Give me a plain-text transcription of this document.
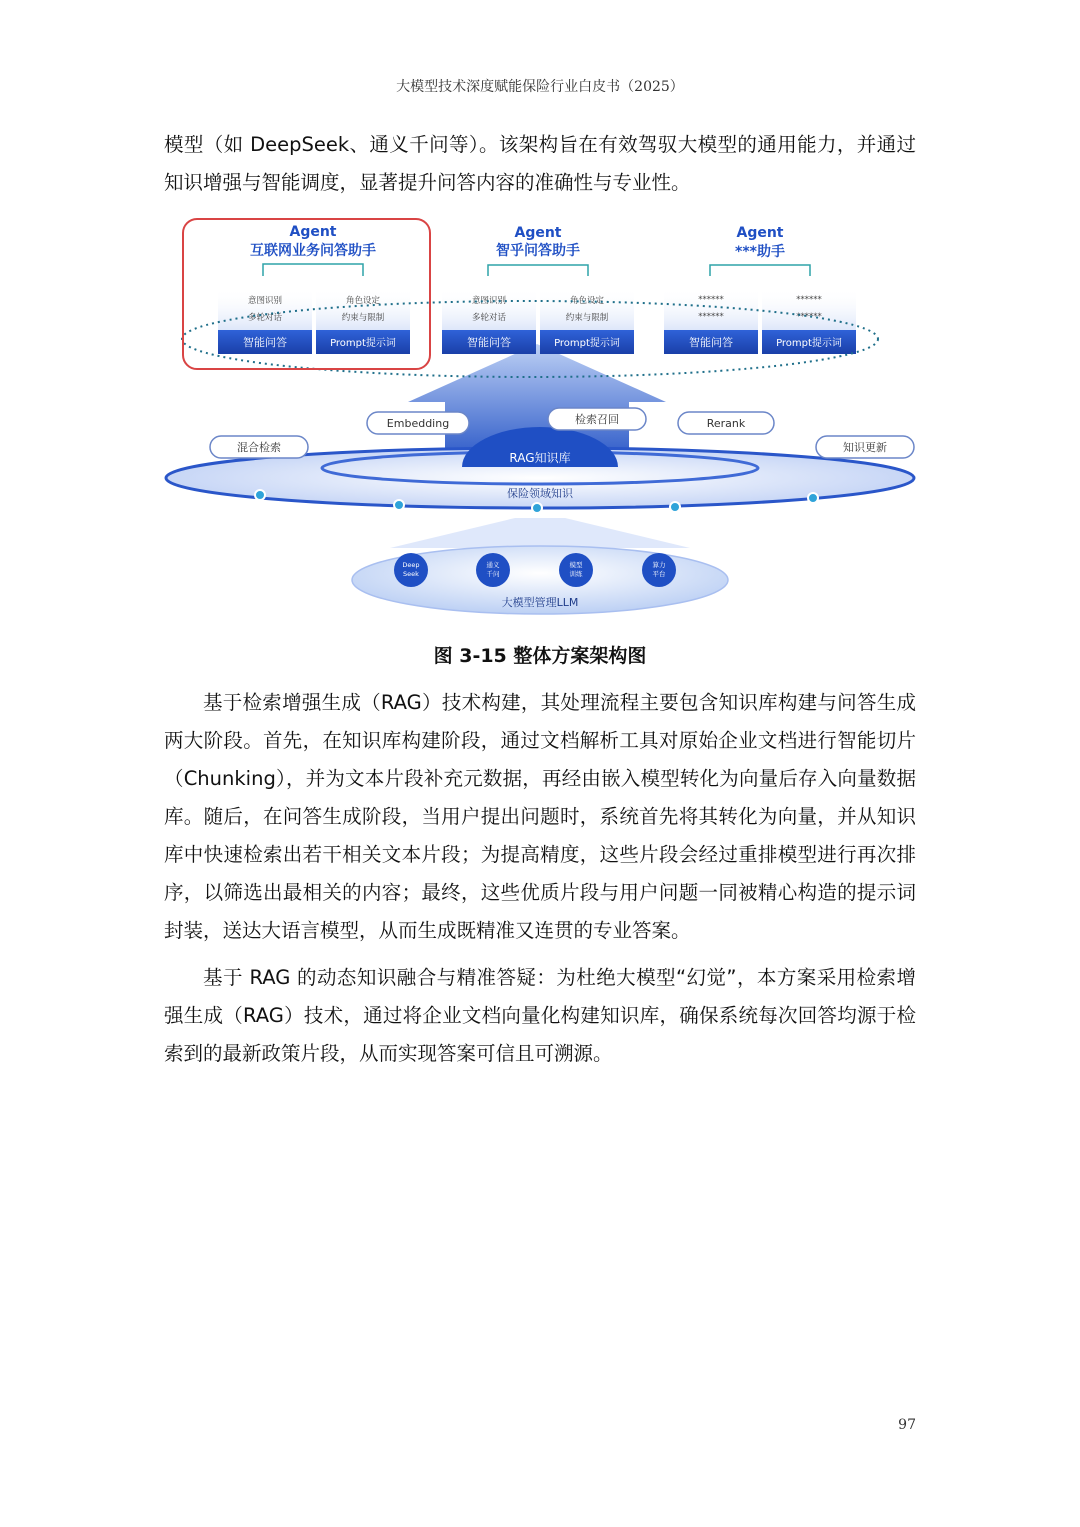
大模型技术深度赋能保险行业白皮书（2025）

模型（如 DeepSeek、通义千问等）。该架构旨在有效驾驭大模型的通用能力，并通过知识增强与智能调度，显著提升问答内容的准确性与专业性。

RAG知识库
保险领域知识
Deep
Seek
通义
千问
模型
训练
算力
平台
大模型管理LLM
Embedding	检索召回	Rerank
混合检索	知识更新
Agent
互联网业务问答助手
意图识别
多轮对话
角色设定
约束与限制
智能问答	Prompt提示词
Agent
智乎问答助手
意图识别
多轮对话
角色设定
约束与限制
智能问答	Prompt提示词
Agent
***助手
******
******
******
******
智能问答	Prompt提示词
图 3-15 整体方案架构图

基于检索增强生成（RAG）技术构建，其处理流程主要包含知识库构建与问答生成两大阶段。首先，在知识库构建阶段，通过文档解析工具对原始企业文档进行智能切片（Chunking），并为文本片段补充元数据，再经由嵌入模型转化为向量后存入向量数据库。随后，在问答生成阶段，当用户提出问题时，系统首先将其转化为向量，并从知识库中快速检索出若干相关文本片段；为提高精度，这些片段会经过重排模型进行再次排序，以筛选出最相关的内容；最终，这些优质片段与用户问题一同被精心构造的提示词封装，送达大语言模型，从而生成既精准又连贯的专业答案。

基于 RAG 的动态知识融合与精准答疑：为杜绝大模型“幻觉”，本方案采用检索增强生成（RAG）技术，通过将企业文档向量化构建知识库，确保系统每次回答均源于检索到的最新政策片段，从而实现答案可信且可溯源。

97
